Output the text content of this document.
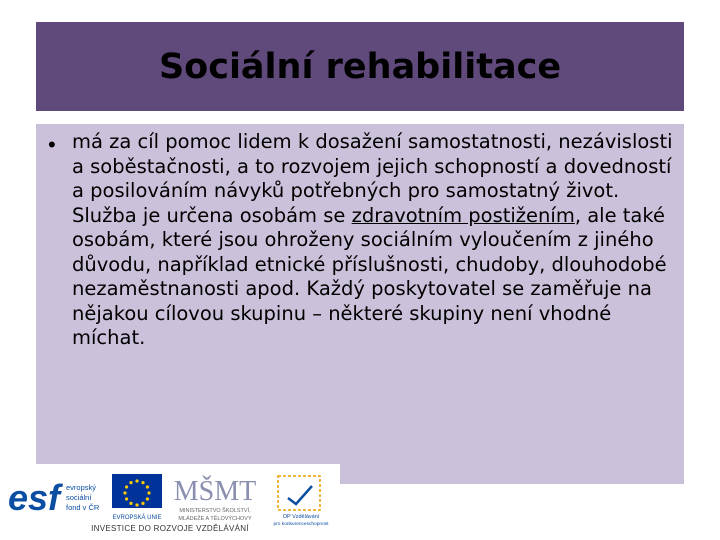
Sociální rehabilitace
• má za cíl pomoc lidem k dosažení samostatnosti, nezávislosti a soběstačnosti, a to rozvojem jejich schopností a dovedností a posilováním návyků potřebných pro samostatný život. Služba je určena osobám se zdravotním postižením, ale také osobám, které jsou ohroženy sociálním vyloučením z jiného důvodu, například etnické příslušnosti, chudoby, dlouhodobé nezaměstnanosti apod. Každý poskytovatel se zaměřuje na nějakou cílovou skupinu – některé skupiny není vhodné míchat.
esf evropský
sociální
fond v ČR
EVROPSKÁ UNIE
MŠMT
MINISTERSTVO ŠKOLSTVÍ,
MLÁDEŽE A TĚLOVÝCHOVY	OP Vzdělávání
pro konkurenceschopnost
INVESTICE DO ROZVOJE VZDĚLÁVÁNÍ
